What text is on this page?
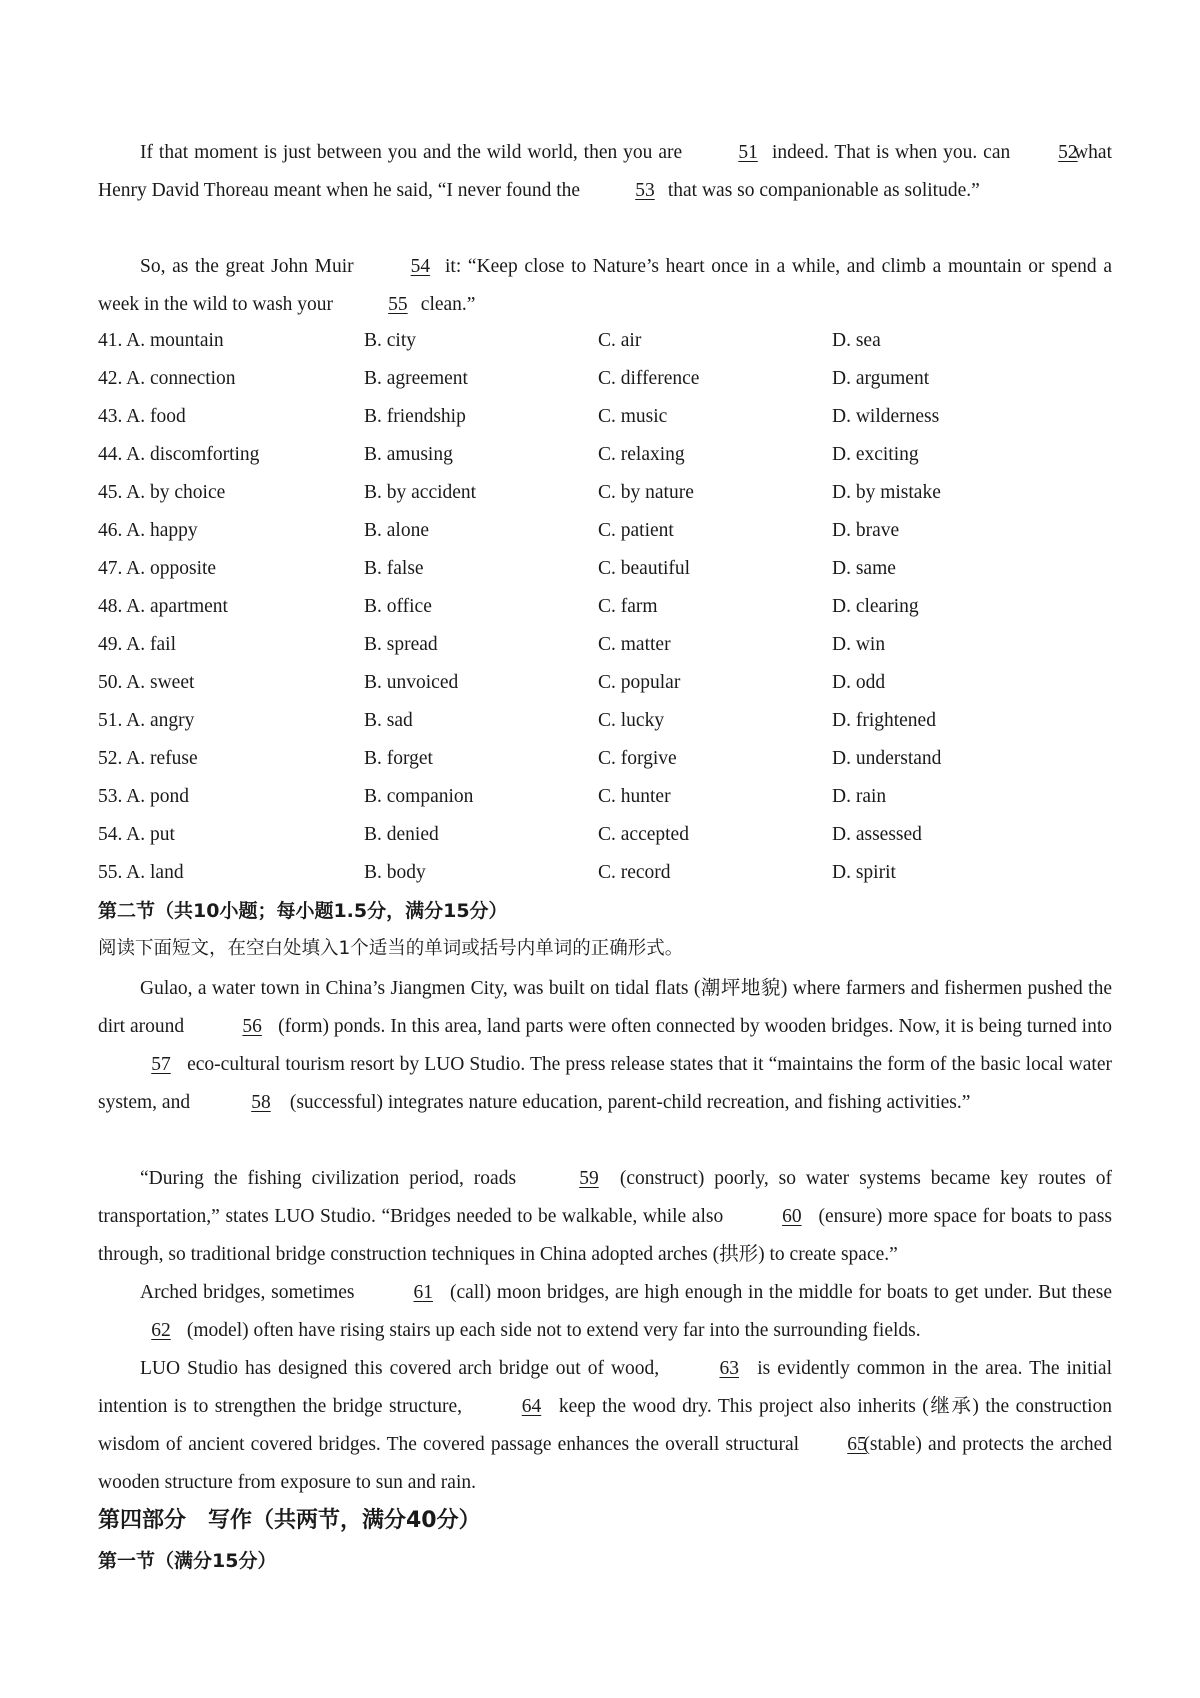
If that moment is just between you and the wild world, then you are	51 indeed. That is when you. can 52 what Henry David Thoreau meant when he said, “I never found the	53 that was so companionable as solitude.”

So, as the great John Muir	54 it: “Keep close to Nature’s heart once in a while, and climb a mountain or spend a week in the wild to wash your	55 clean.”

41. A. mountain	B. city	C. air	D. sea
42. A. connection	B. agreement	C. difference	D. argument
43. A. food	B. friendship	C. music	D. wilderness
44. A. discomforting	B. amusing	C. relaxing	D. exciting
45. A. by choice	B. by accident	C. by nature	D. by mistake
46. A. happy	B. alone	C. patient	D. brave
47. A. opposite	B. false	C. beautiful	D. same
48. A. apartment	B. office	C. farm	D. clearing
49. A. fail	B. spread	C. matter	D. win
50. A. sweet	B. unvoiced	C. popular	D. odd
51. A. angry	B. sad	C. lucky	D. frightened
52. A. refuse	B. forget	C. forgive	D. understand
53. A. pond	B. companion	C. hunter	D. rain
54. A. put	B. denied	C. accepted	D. assessed
55. A. land	B. body	C. record	D. spirit

第二节（共10小题；每小题1.5分，满分15分）

阅读下面短文，在空白处填入1个适当的单词或括号内单词的正确形式。

Gulao, a water town in China’s Jiangmen City, was built on tidal flats (潮坪地貌) where farmers and fishermen pushed the dirt around	56 (form) ponds. In this area, land parts were often connected by wooden bridges. Now, it is being turned into 57 eco-cultural tourism resort by LUO Studio. The press release states that it “maintains the form of the basic local water system, and	58 (successful) integrates nature education, parent-child recreation, and fishing activities.”

“During the fishing civilization period, roads	59 (construct) poorly, so water systems became key routes of transportation,” states LUO Studio. “Bridges needed to be walkable, while also	60 (ensure) more space for boats to pass through, so traditional bridge construction techniques in China adopted arches (拱形) to create space.”

Arched bridges, sometimes	61 (call) moon bridges, are high enough in the middle for boats to get under. But these62 (model) often have rising stairs up each side not to extend very far into the surrounding fields.

LUO Studio has designed this covered arch bridge out of wood,	63 is evidently common in the area. The initial intention is to strengthen the bridge structure,	64 keep the wood dry. This project also inherits (继承) the construction wisdom of ancient covered bridges. The covered passage enhances the overall structural 65 (stable) and protects the arched wooden structure from exposure to sun and rain.

第四部分　写作（共两节，满分40分）

第一节（满分15分）
